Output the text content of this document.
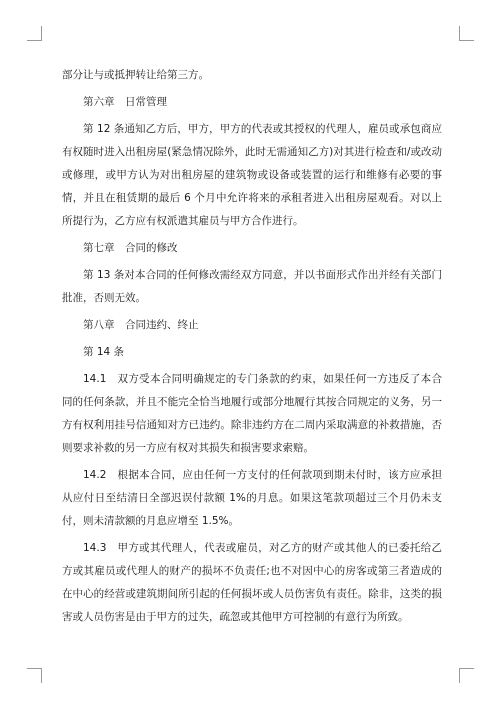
部分让与或抵押转让给第三方。

第六章　日常管理

第 12 条通知乙方后，甲方，甲方的代表或其授权的代理人，雇员或承包商应有权随时进入出租房屋(紧急情况除外，此时无需通知乙方)对其进行检查和/或改动或修理，或甲方认为对出租房屋的建筑物或设备或装置的运行和维修有必要的事情，并且在租赁期的最后 6 个月中允许将来的承租者进入出租房屋观看。对以上所提行为，乙方应有权派遣其雇员与甲方合作进行。

第七章　合同的修改

第 13 条对本合同的任何修改需经双方同意，并以书面形式作出并经有关部门批准，否则无效。

第八章　合同违约、终止

第 14 条

14.1　双方受本合同明确规定的专门条款的约束，如果任何一方违反了本合同的任何条款，并且不能完全恰当地履行或部分地履行其按合同规定的义务，另一方有权利用挂号信通知对方已违约。除非违约方在二周内采取满意的补救措施，否则要求补救的另一方应有权对其损失和损害要求索赔。

14.2　根据本合同，应由任何一方支付的任何款项到期未付时，该方应承担从应付日至结清日全部迟误付款额 1%的月息。如果这笔款项超过三个月仍未支付，则未清款额的月息应增至 1.5%。

14.3　甲方或其代理人，代表或雇员，对乙方的财产或其他人的已委托给乙方或其雇员或代理人的财产的损坏不负责任;也不对因中心的房客或第三者造成的在中心的经营或建筑期间所引起的任何损坏或人员伤害负有责任。除非，这类的损害或人员伤害是由于甲方的过失，疏忽或其他甲方可控制的有意行为所致。
